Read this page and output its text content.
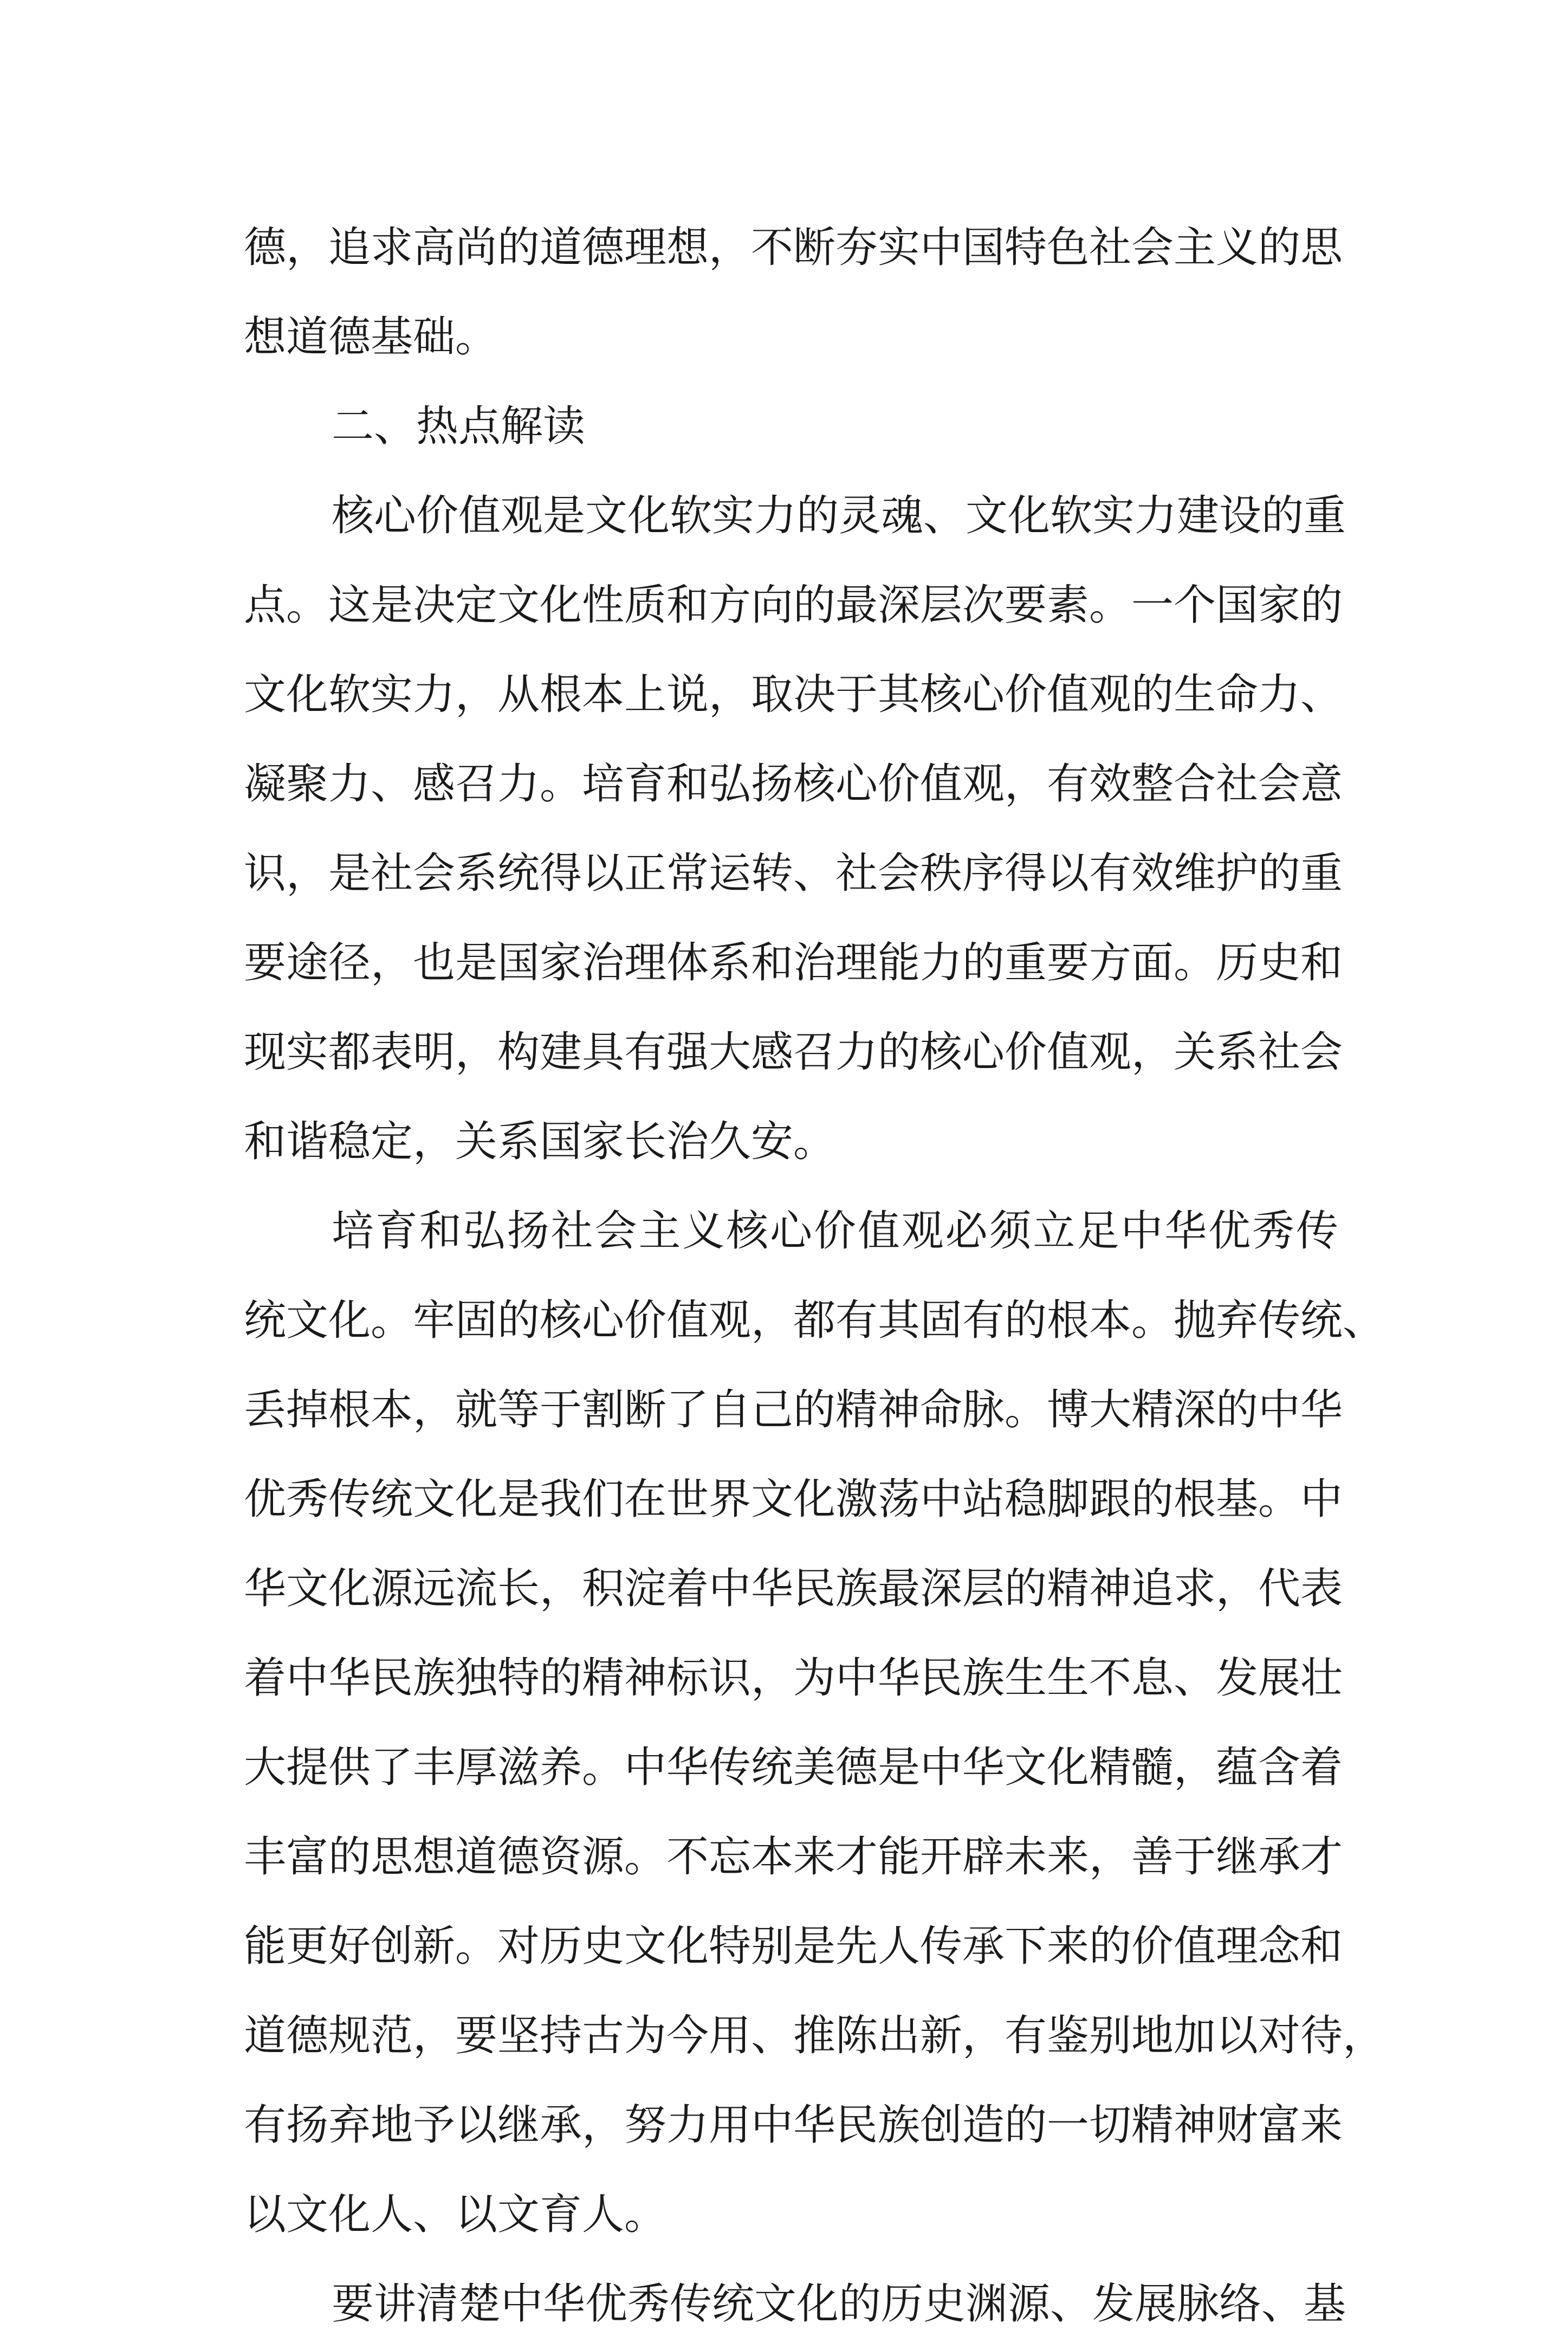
德，追求高尚的道德理想，不断夯实中国特色社会主义的思
想道德基础。
二、热点解读
核心价值观是文化软实力的灵魂、文化软实力建设的重
点。这是决定文化性质和方向的最深层次要素。一个国家的
文化软实力，从根本上说，取决于其核心价值观的生命力、
凝聚力、感召力。培育和弘扬核心价值观，有效整合社会意
识，是社会系统得以正常运转、社会秩序得以有效维护的重
要途径，也是国家治理体系和治理能力的重要方面。历史和
现实都表明，构建具有强大感召力的核心价值观，关系社会
和谐稳定，关系国家长治久安。
培育和弘扬社会主义核心价值观必须立足中华优秀传
统文化。牢固的核心价值观，都有其固有的根本。抛弃传统、
丢掉根本，就等于割断了自己的精神命脉。博大精深的中华
优秀传统文化是我们在世界文化激荡中站稳脚跟的根基。中
华文化源远流长，积淀着中华民族最深层的精神追求，代表
着中华民族独特的精神标识，为中华民族生生不息、发展壮
大提供了丰厚滋养。中华传统美德是中华文化精髓，蕴含着
丰富的思想道德资源。不忘本来才能开辟未来，善于继承才
能更好创新。对历史文化特别是先人传承下来的价值理念和
道德规范，要坚持古为今用、推陈出新，有鉴别地加以对待，
有扬弃地予以继承，努力用中华民族创造的一切精神财富来
以文化人、以文育人。
要讲清楚中华优秀传统文化的历史渊源、发展脉络、基
